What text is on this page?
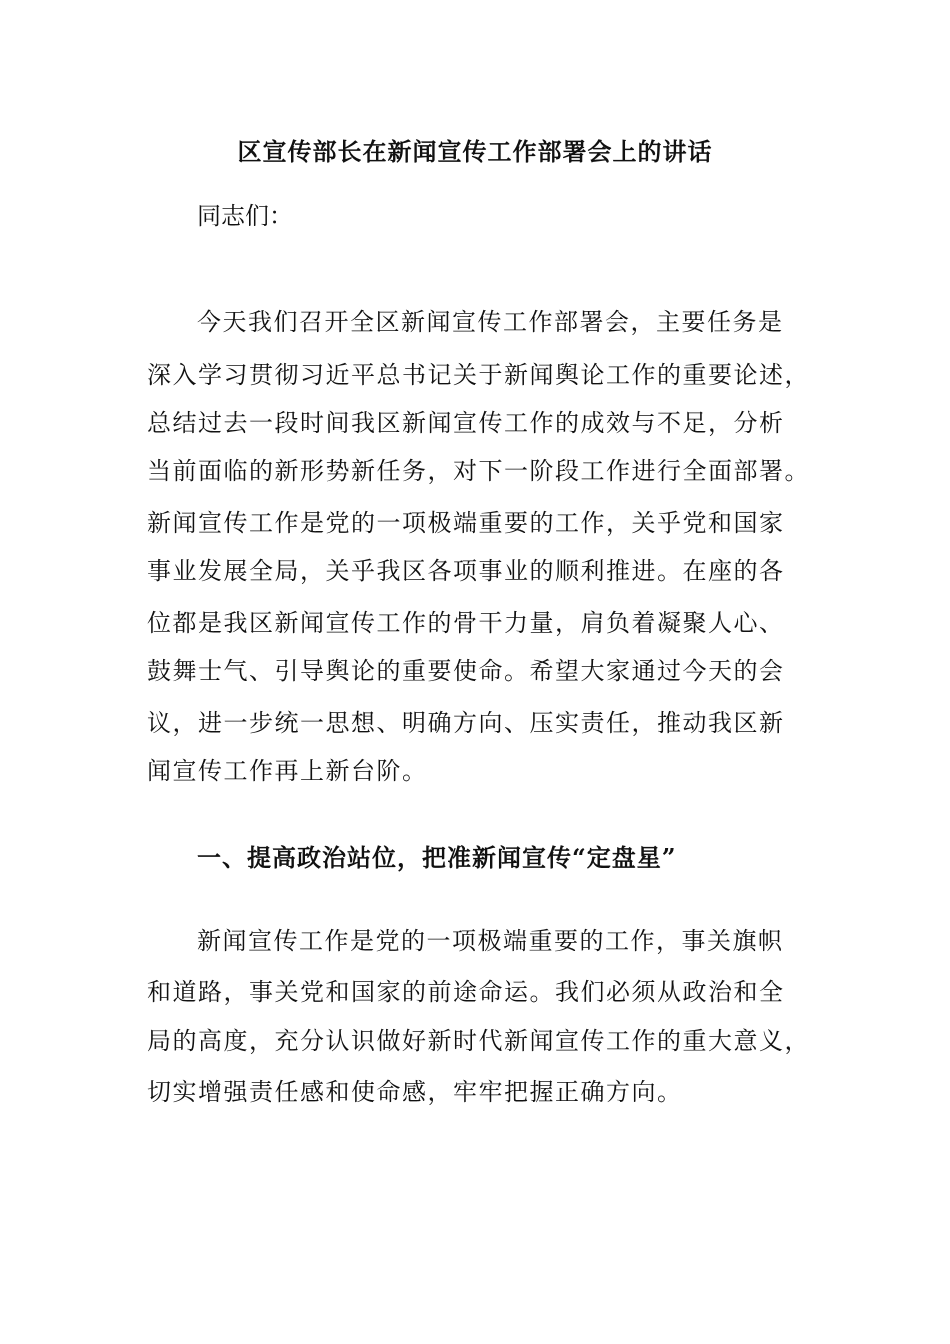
区宣传部长在新闻宣传工作部署会上的讲话

同志们：

今天我们召开全区新闻宣传工作部署会，主要任务是

深入学习贯彻习近平总书记关于新闻舆论工作的重要论述，

总结过去一段时间我区新闻宣传工作的成效与不足，分析

当前面临的新形势新任务，对下一阶段工作进行全面部署。

新闻宣传工作是党的一项极端重要的工作，关乎党和国家

事业发展全局，关乎我区各项事业的顺利推进。在座的各

位都是我区新闻宣传工作的骨干力量，肩负着凝聚人心、

鼓舞士气、引导舆论的重要使命。希望大家通过今天的会

议，进一步统一思想、明确方向、压实责任，推动我区新

闻宣传工作再上新台阶。

一、提高政治站位，把准新闻宣传“定盘星”

新闻宣传工作是党的一项极端重要的工作，事关旗帜

和道路，事关党和国家的前途命运。我们必须从政治和全

局的高度，充分认识做好新时代新闻宣传工作的重大意义，

切实增强责任感和使命感，牢牢把握正确方向。
